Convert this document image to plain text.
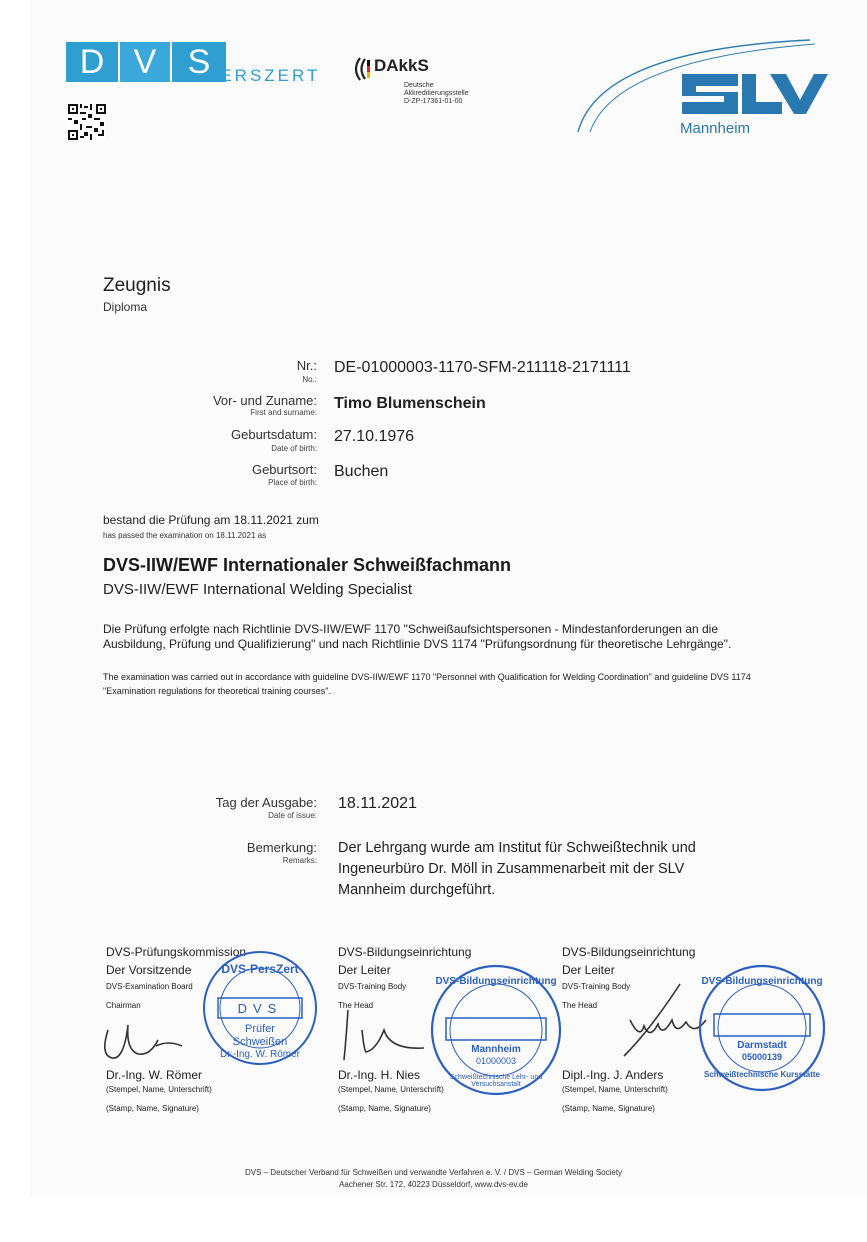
D V S
PERSZERT
DAkkS
Deutsche
Akkreditierungsstelle
D-ZP-17361-01-00
Mannheim
Zeugnis
Diploma
Nr.:
No.:
DE-01000003-1170-SFM-211118-2171111
Vor- und Zuname:
First and surname:
Timo Blumenschein
Geburtsdatum:
Date of birth:
27.10.1976
Geburtsort:
Place of birth:
Buchen
bestand die Prüfung am 18.11.2021 zum
has passed the examination on 18.11.2021 as
DVS-IIW/EWF Internationaler Schweißfachmann
DVS-IIW/EWF International Welding Specialist
Die Prüfung erfolgte nach Richtlinie DVS-IIW/EWF 1170 "Schweißaufsichtspersonen - Mindestanforderungen an die Ausbildung, Prüfung und Qualifizierung" und nach Richtlinie DVS 1174 "Prüfungsordnung für theoretische Lehrgänge".
The examination was carried out in accordance with guideline DVS-IIW/EWF 1170 "Personnel with Qualification for Welding Coordination" and guideline DVS 1174 "Examination regulations for theoretical training courses".
Tag der Ausgabe:
Date of issue:
18.11.2021
Bemerkung:
Remarks:
Der Lehrgang wurde am Institut für Schweißtechnik und Ingeneurbüro Dr. Möll in Zusammenarbeit mit der SLV Mannheim durchgeführt.
DVS-Prüfungskommission
Der Vorsitzende
DVS-Examination Board
Chairman
Dr.-Ing. W. Römer
(Stempel, Name, Unterschrift)
(Stamp, Name, Signature)
DVS-PersZert
DVS
Prüfer
Schweißen
Dr.-Ing. W. Römer
DVS-Bildungseinrichtung
Der Leiter
DVS-Training Body
The Head
Dr.-Ing. H. Nies
(Stempel, Name, Unterschrift)
(Stamp, Name, Signature)
DVS-Bildungseinrichtung
Mannheim
01000003
Schweißtechnische Lehr- und Versuchsanstalt
DVS-Bildungseinrichtung
Der Leiter
DVS-Training Body
The Head
Dipl.-Ing. J. Anders
(Stempel, Name, Unterschrift)
(Stamp, Name, Signature)
DVS-Bildungseinrichtung
Darmstadt
05000139
Schweißtechnische Kursstätte
DVS – Deutscher Verband für Schweißen und verwandte Verfahren e. V. / DVS – German Welding Society
Aachener Str. 172, 40223 Düsseldorf, www.dvs-ev.de
